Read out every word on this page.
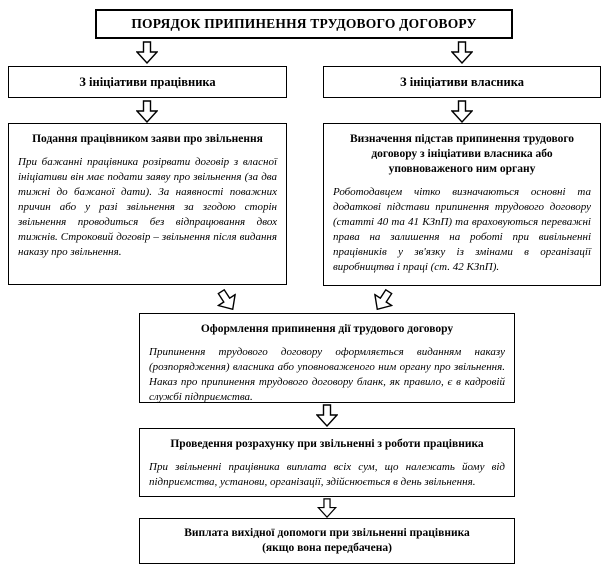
ПОРЯДОК ПРИПИНЕННЯ ТРУДОВОГО ДОГОВОРУ
З ініціативи працівника	З ініціативи власника
Подання працівником заяви про звільнення

При бажанні працівника розірвати договір з власної ініціативи він має подати заяву про звільнення (за два тижні до бажаної дати). За наявності поважних причин або у разі звільнення за згодою сторін звільнення проводиться без відпрацювання двох тижнів. Строковий договір – звільнення після видання наказу про звільнення.

Визначення підстав припинення трудового договору з ініціативи власника або уповноваженого ним органу

Роботодавцем чітко визначаються основні та додаткові підстави припинення трудового договору (статті 40 та 41 КЗпП) та враховуються переважні права на залишення на роботі при вивільненні працівників у зв'язку із змінами в організації виробництва і праці (ст. 42 КЗпП).

Оформлення припинення дії трудового договору

Припинення трудового договору оформляється виданням наказу (розпорядження) власника або уповноваженого ним органу про звільнення. Наказ про припинення трудового договору бланк, як правило, є в кадровій службі підприємства.

Проведення розрахунку при звільненні з роботи працівника

При звільненні працівника виплата всіх сум, що належать йому від підприємства, установи, організації, здійснюється в день звільнення.

Виплата вихідної допомоги при звільненні працівника
(якщо вона передбачена)
